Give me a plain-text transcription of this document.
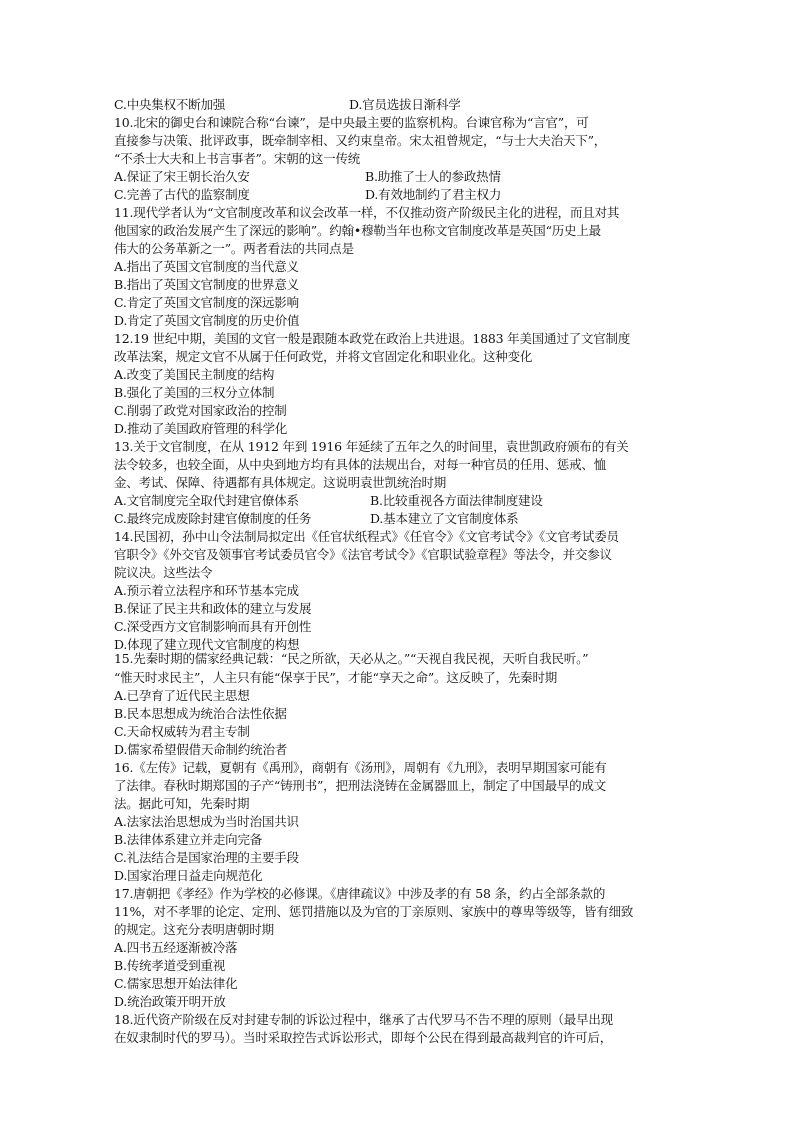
C.中央集权不断加强	D.官员选拔日渐科学
10.北宋的御史台和谏院合称“台谏”，是中央最主要的监察机构。台谏官称为“言官”，可
直接参与决策、批评政事，既牵制宰相、又约束皇帝。宋太祖曾规定，“与士大夫治天下”，
“不杀士大夫和上书言事者”。宋朝的这一传统
A.保证了宋王朝长治久安	B.助推了士人的参政热情
C.完善了古代的监察制度	D.有效地制约了君主权力
11.现代学者认为“文官制度改革和议会改革一样，不仅推动资产阶级民主化的进程，而且对其
他国家的政治发展产生了深远的影响”。约翰•穆勒当年也称文官制度改革是英国“历史上最
伟大的公务革新之一”。两者看法的共同点是
A.指出了英国文官制度的当代意义
B.指出了英国文官制度的世界意义
C.肯定了英国文官制度的深远影响
D.肯定了英国文官制度的历史价值
12.19 世纪中期，美国的文官一般是跟随本政党在政治上共进退。1883 年美国通过了文官制度
改革法案，规定文官不从属于任何政党，并将文官固定化和职业化。这种变化
A.改变了美国民主制度的结构
B.强化了美国的三权分立体制
C.削弱了政党对国家政治的控制
D.推动了美国政府管理的科学化
13.关于文官制度，在从 1912 年到 1916 年延续了五年之久的时间里，袁世凯政府颁布的有关
法令较多，也较全面，从中央到地方均有具体的法规出台，对每一种官员的任用、惩戒、恤
金、考试、保障、待遇都有具体规定。这说明袁世凯统治时期
A.文官制度完全取代封建官僚体系	B.比较重视各方面法律制度建设
C.最终完成废除封建官僚制度的任务	D.基本建立了文官制度体系
14.民国初，孙中山令法制局拟定出《任官状纸程式》《任官令》《文官考试令》《文官考试委员
官职令》《外交官及领事官考试委员官令》《法官考试令》《官职试验章程》等法令，并交参议
院议决。这些法令
A.预示着立法程序和环节基本完成
B.保证了民主共和政体的建立与发展
C.深受西方文官制影响而具有开创性
D.体现了建立现代文官制度的构想
15.先秦时期的儒家经典记载：“民之所欲，天必从之。”“天视自我民视，天听自我民听。”
“惟天时求民主”，人主只有能“保享于民”，才能“享天之命”。这反映了，先秦时期
A.已孕育了近代民主思想
B.民本思想成为统治合法性依据
C.天命权威转为君主专制
D.儒家希望假借天命制约统治者
16.《左传》记载，夏朝有《禹刑》，商朝有《汤刑》，周朝有《九刑》，表明早期国家可能有
了法律。春秋时期郑国的子产“铸刑书”，把刑法浇铸在金属器皿上，制定了中国最早的成文
法。据此可知，先秦时期
A.法家法治思想成为当时治国共识
B.法律体系建立并走向完备
C.礼法结合是国家治理的主要手段
D.国家治理日益走向规范化
17.唐朝把《孝经》作为学校的必修课。《唐律疏议》中涉及孝的有 58 条，约占全部条款的
11%，对不孝罪的论定、定刑、惩罚措施以及为官的丁亲原则、家族中的尊卑等级等，皆有细致
的规定。这充分表明唐朝时期
A.四书五经逐渐被冷落
B.传统孝道受到重视
C.儒家思想开始法律化
D.统治政策开明开放
18.近代资产阶级在反对封建专制的诉讼过程中，继承了古代罗马不告不理的原则（最早出现
在奴隶制时代的罗马）。当时采取控告式诉讼形式，即每个公民在得到最高裁判官的许可后，
